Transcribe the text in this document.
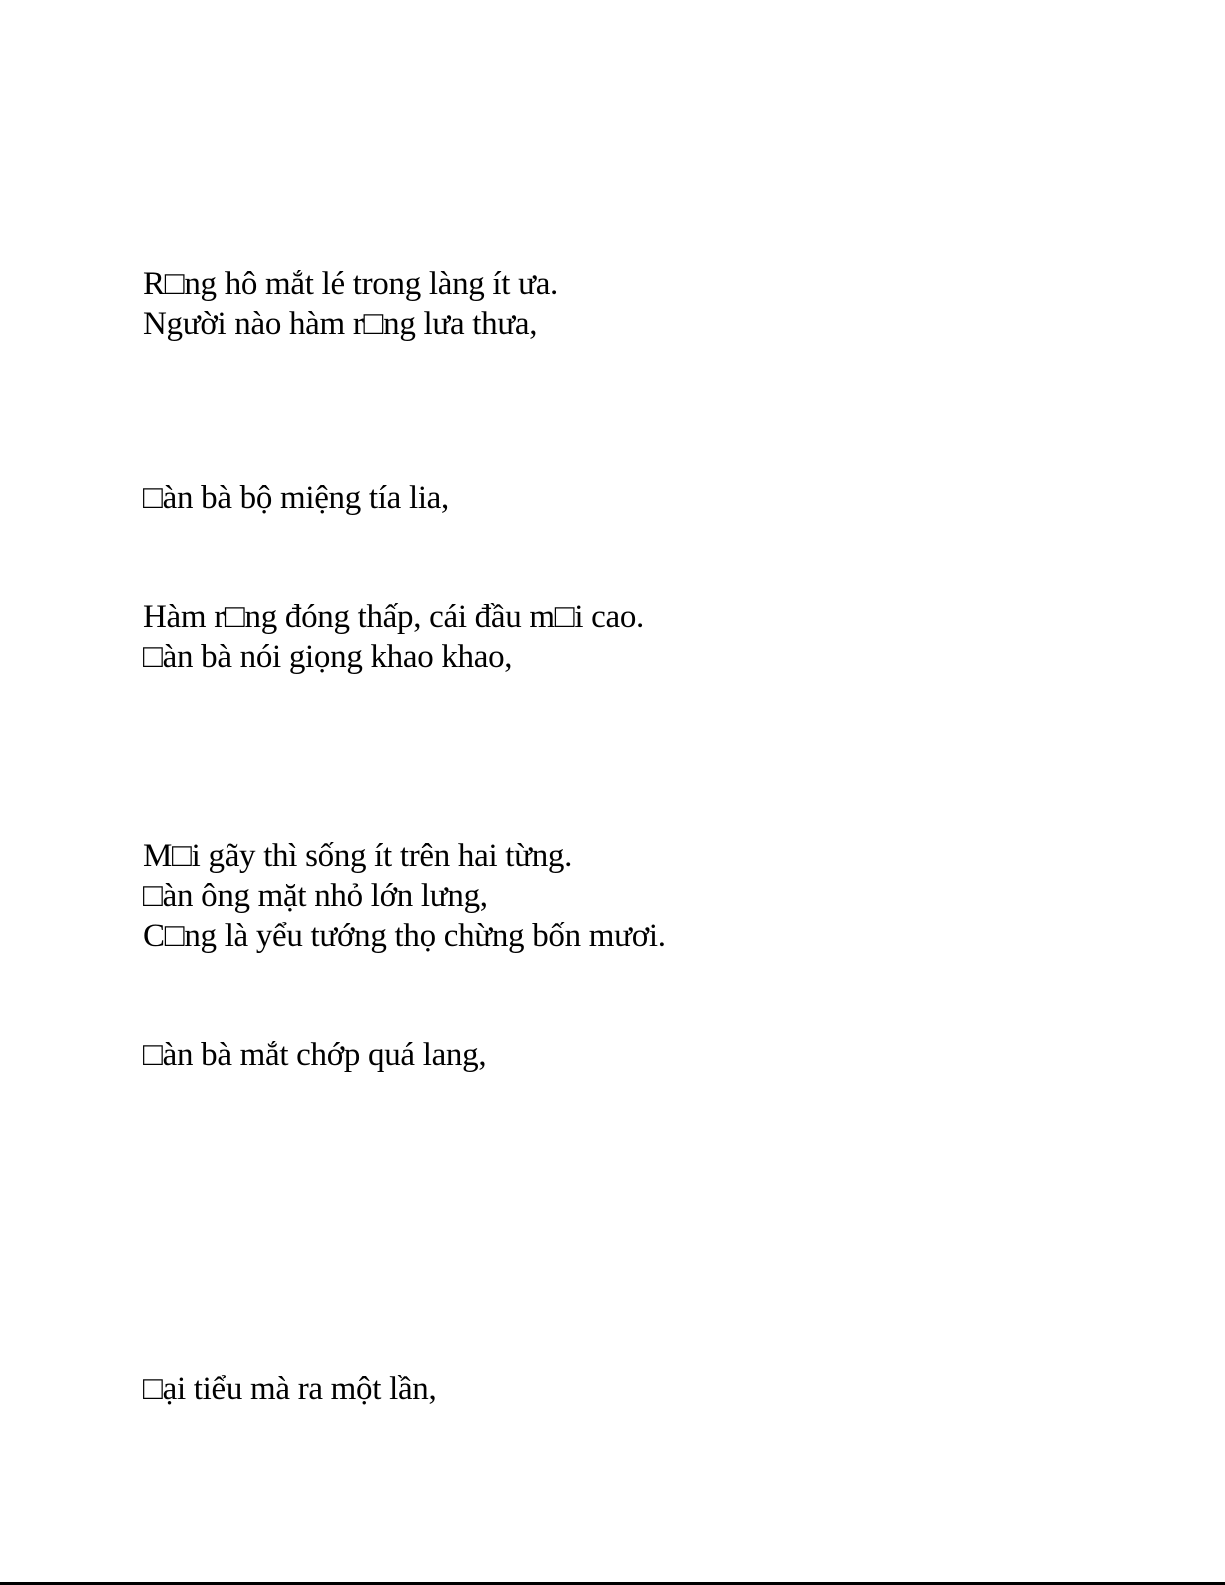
R□ng hô mắt lé trong làng ít ưa.
Người nào hàm r□ng lưa thưa,
□àn bà bộ miệng tía lia,
Hàm r□ng đóng thấp, cái đầu m□i cao.
□àn bà nói giọng khao khao,
M□i gãy thì sống ít trên hai từng.
□àn ông mặt nhỏ lớn lưng,
C□ng là yểu tướng thọ chừng bốn mươi.
□àn bà mắt chớp quá lang,
□ại tiểu mà ra một lần,
